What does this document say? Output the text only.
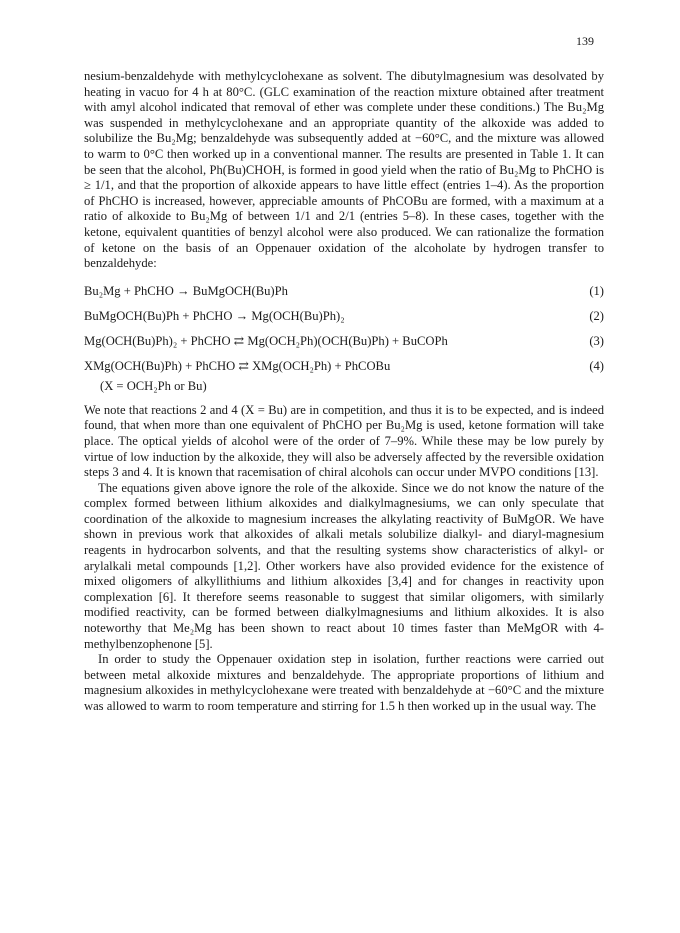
139

nesium-benzaldehyde with methylcyclohexane as solvent. The dibutylmagnesium was desolvated by heating in vacuo for 4 h at 80°C. (GLC examination of the reaction mixture obtained after treatment with amyl alcohol indicated that removal of ether was complete under these conditions.) The Bu₂Mg was suspended in methylcyclohexane and an appropriate quantity of the alkoxide was added to solubilize the Bu₂Mg; benzaldehyde was subsequently added at −60°C, and the mixture was allowed to warm to 0°C then worked up in a conventional manner. The results are presented in Table 1. It can be seen that the alcohol, Ph(Bu)CHOH, is formed in good yield when the ratio of Bu₂Mg to PhCHO is ≥ 1/1, and that the proportion of alkoxide appears to have little effect (entries 1–4). As the proportion of PhCHO is increased, however, appreciable amounts of PhCOBu are formed, with a maximum at a ratio of alkoxide to Bu₂Mg of between 1/1 and 2/1 (entries 5–8). In these cases, together with the ketone, equivalent quantities of benzyl alcohol were also produced. We can rationalize the formation of ketone on the basis of an Oppenauer oxidation of the alcoholate by hydrogen transfer to benzaldehyde:

Bu₂Mg + PhCHO → BuMgOCH(Bu)Ph	(1)
BuMgOCH(Bu)Ph + PhCHO → Mg(OCH(Bu)Ph)₂	(2)
Mg(OCH(Bu)Ph)₂ + PhCHO ⇄ Mg(OCH₂Ph)(OCH(Bu)Ph) + BuCOPh	(3)
XMg(OCH(Bu)Ph) + PhCHO ⇄ XMg(OCH₂Ph) + PhCOBu	(4)
(X = OCH₂Ph or Bu)

We note that reactions 2 and 4 (X = Bu) are in competition, and thus it is to be expected, and is indeed found, that when more than one equivalent of PhCHO per Bu₂Mg is used, ketone formation will take place. The optical yields of alcohol were of the order of 7–9%. While these may be low purely by virtue of low induction by the alkoxide, they will also be adversely affected by the reversible oxidation steps 3 and 4. It is known that racemisation of chiral alcohols can occur under MVPO conditions [13].

The equations given above ignore the role of the alkoxide. Since we do not know the nature of the complex formed between lithium alkoxides and dialkylmagnesiums, we can only speculate that coordination of the alkoxide to magnesium increases the alkylating reactivity of BuMgOR. We have shown in previous work that alkoxides of alkali metals solubilize dialkyl- and diaryl-magnesium reagents in hydrocarbon solvents, and that the resulting systems show characteristics of alkyl- or arylalkali metal compounds [1,2]. Other workers have also provided evidence for the existence of mixed oligomers of alkyllithiums and lithium alkoxides [3,4] and for changes in reactivity upon complexation [6]. It therefore seems reasonable to suggest that similar oligomers, with similarly modified reactivity, can be formed between dialkylmagnesiums and lithium alkoxides. It is also noteworthy that Me₂Mg has been shown to react about 10 times faster than MeMgOR with 4-methylbenzophenone [5].

In order to study the Oppenauer oxidation step in isolation, further reactions were carried out between metal alkoxide mixtures and benzaldehyde. The appropriate proportions of lithium and magnesium alkoxides in methylcyclohexane were treated with benzaldehyde at −60°C and the mixture was allowed to warm to room temperature and stirring for 1.5 h then worked up in the usual way. The
